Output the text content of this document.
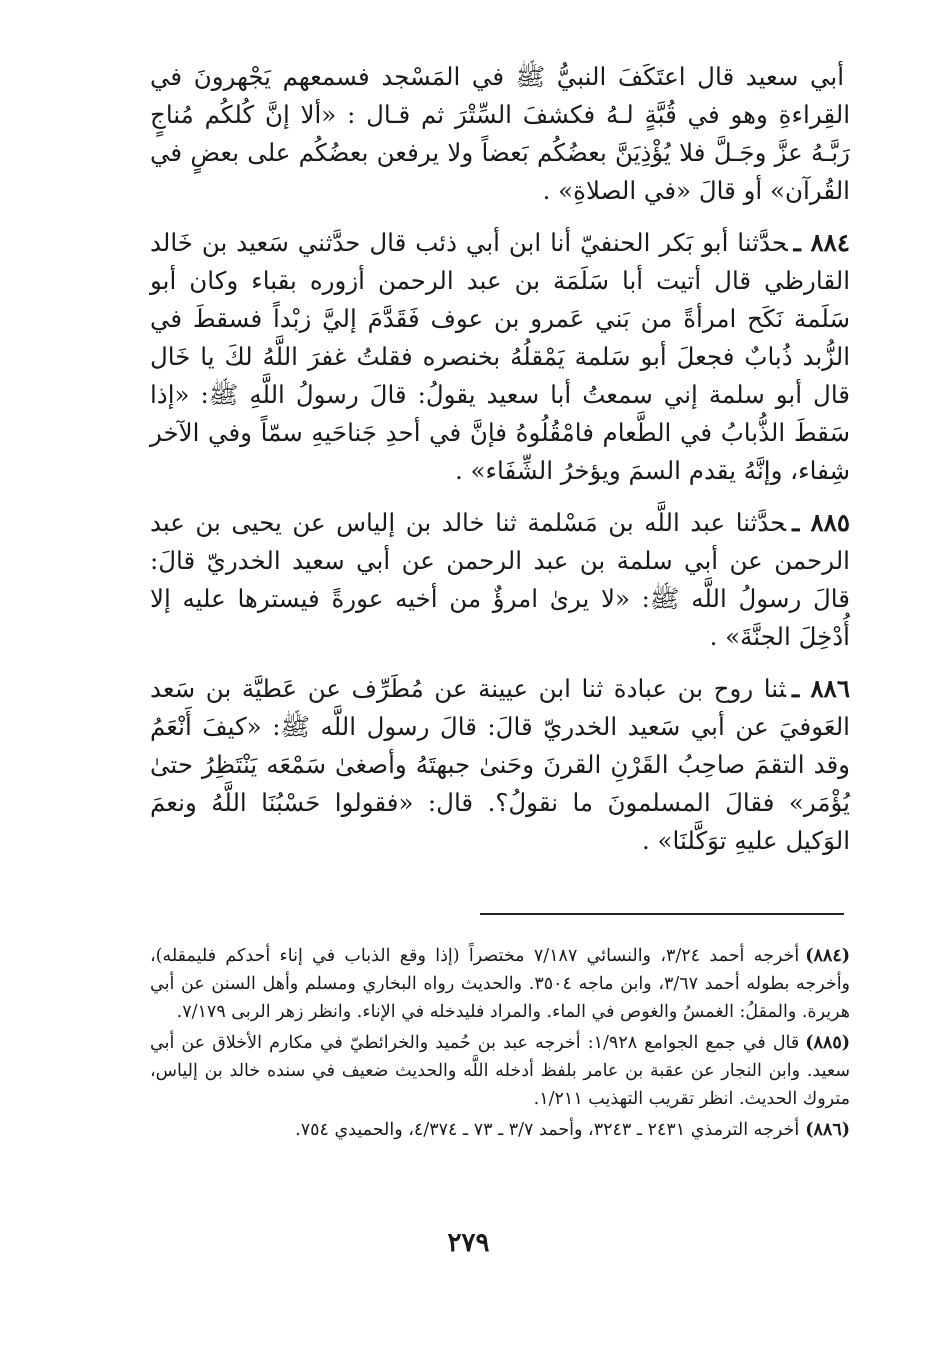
أبي سعيد قال اعتَكَفَ النبيُّ ﷺ في المَسْجد فسمعهم يَجْهرونَ في القِراءةِ وهو في قُبَّةٍ لـهُ فكشفَ السِّتْرَ ثم قـال : «ألا إنَّ كُلكُم مُناجٍ رَبَّـهُ عزَّ وجَـلَّ فلا يُؤْذِيَنَّ بعضُكُم بَعضاً ولا يرفعن بعضُكُم على بعضٍ في القُرآن» أو قالَ «في الصلاةِ» .

٨٨٤ ـحدَّثنا أبو بَكر الحنفيّ أنا ابن أبي ذئب قال حدَّثني سَعيد بن خَالد القارظي قال أتيت أبا سَلَمَة بن عبد الرحمن أزوره بقباء وكان أبو سَلَمة نَكَح امرأةً من بَني عَمرو بن عوف فَقَدَّمَ إليَّ زبْداً فسقطَ في الزُّبد ذُبابٌ فجعلَ أبو سَلمة يَمْقلُهُ بخنصره فقلتُ غفرَ اللَّهُ لكَ يا خَال قال أبو سلمة إني سمعتُ أبا سعيد يقولُ: قالَ رسولُ اللَّهِ ﷺ: «إذا سَقطَ الذُّبابُ في الطَّعام فامْقُلُوهُ فإنَّ في أحدِ جَناحَيهِ سمّاً وفي الآخر شِفاء، وإنَّهُ يقدم السمَ ويؤخرُ الشِّفَاء» .

٨٨٥ ـحدَّثنا عبد اللَّه بن مَسْلمة ثنا خالد بن إلياس عن يحيى بن عبد الرحمن عن أبي سلمة بن عبد الرحمن عن أبي سعيد الخدريّ قالَ: قالَ رسولُ اللَّه ﷺ: «لا يرىٰ امرؤٌ من أخيه عورةً فيسترها عليه إلا أُدْخِلَ الجنَّةَ» .

٨٨٦ ـثنا روح بن عبادة ثنا ابن عيينة عن مُطَرِّف عن عَطيَّة بن سَعد العَوفيَ عن أبي سَعيد الخدريّ قالَ: قالَ رسول اللَّه ﷺ: «كيفَ أَنْعَمُ وقد التقمَ صاحِبُ القَرْنِ القرنَ وحَنىٰ جبهتَهُ وأصغىٰ سَمْعَه يَنْتَظِرُ حتىٰ يُؤْمَر» فقالَ المسلمونَ ما نقولُ؟. قال: «فقولوا حَسْبُنَا اللَّهُ ونعمَ الوَكيل عليهِ توَكَّلنَا» .

(٨٨٤)أخرجه أحمد ٣/٢٤، والنسائي ٧/١٨٧ مختصراً (إذا وقع الذباب في إناء أحدكم فليمقله)، وأخرجه بطوله أحمد ٣/٦٧، وابن ماجه ٣٥٠٤. والحديث رواه البخاري ومسلم وأهل السنن عن أبي هريرة. والمقلُ: الغمسُ والغوص في الماء. والمراد فليدخله في الإناء. وانظر زهر الربى ٧/١٧٩.

(٨٨٥)قال في جمع الجوامع ١/٩٢٨: أخرجه عبد بن حُميد والخرائطيّ في مكارم الأخلاق عن أبي سعيد. وابن النجار عن عقبة بن عامر بلفظ أدخله اللَّه والحديث ضعيف في سنده خالد بن إلياس، متروك الحديث. انظر تقريب التهذيب ١/٢١١.

(٨٨٦)أخرجه الترمذي ٢٤٣١ ـ ٣٢٤٣، وأحمد ٣/٧ ـ ٧٣ ـ ٤/٣٧٤، والحميدي ٧٥٤.

٢٧٩
